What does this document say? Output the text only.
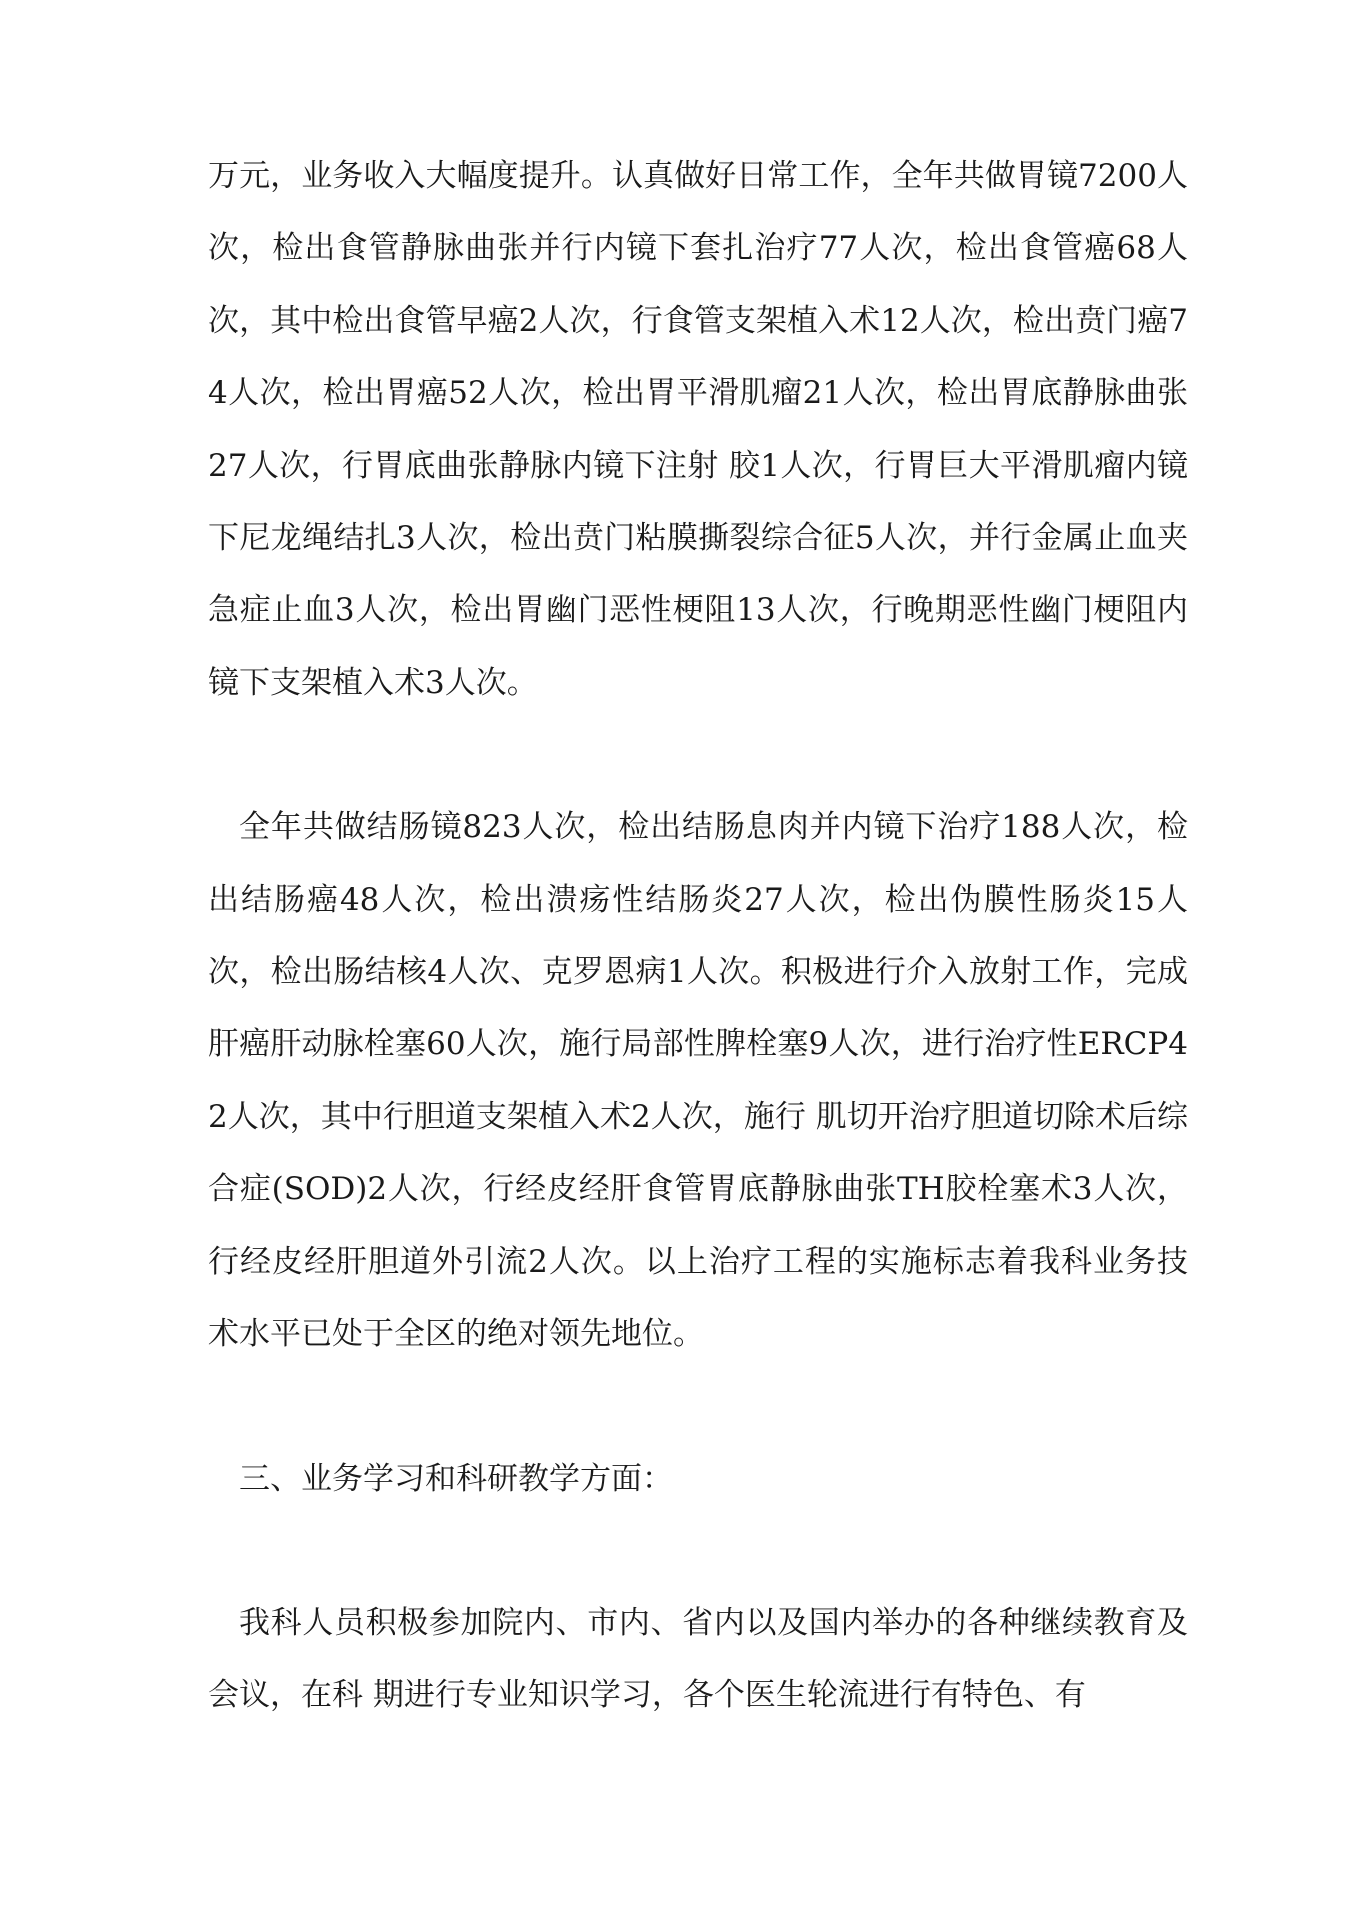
万元，业务收入大幅度提升。认真做好日常工作，全年共做胃镜7200人次，检出食管静脉曲张并行内镜下套扎治疗77人次，检出食管癌68人次，其中检出食管早癌2人次，行食管支架植入术12人次，检出贲门癌74人次，检出胃癌52人次，检出胃平滑肌瘤21人次，检出胃底静脉曲张27人次，行胃底曲张静脉内镜下注射 胶1人次，行胃巨大平滑肌瘤内镜下尼龙绳结扎3人次，检出贲门粘膜撕裂综合征5人次，并行金属止血夹急症止血3人次，检出胃幽门恶性梗阻13人次，行晚期恶性幽门梗阻内镜下支架植入术3人次。

全年共做结肠镜823人次，检出结肠息肉并内镜下治疗188人次，检出结肠癌48人次，检出溃疡性结肠炎27人次，检出伪膜性肠炎15人次，检出肠结核4人次、克罗恩病1人次。积极进行介入放射工作，完成肝癌肝动脉栓塞60人次，施行局部性脾栓塞9人次，进行治疗性ERCP42人次，其中行胆道支架植入术2人次，施行 肌切开治疗胆道切除术后综合症(SOD)2人次，行经皮经肝食管胃底静脉曲张TH胶栓塞术3人次，行经皮经肝胆道外引流2人次。以上治疗工程的实施标志着我科业务技术水平已处于全区的绝对领先地位。

三、业务学习和科研教学方面：

我科人员积极参加院内、市内、省内以及国内举办的各种继续教育及会议，在科 期进行专业知识学习，各个医生轮流进行有特色、有
